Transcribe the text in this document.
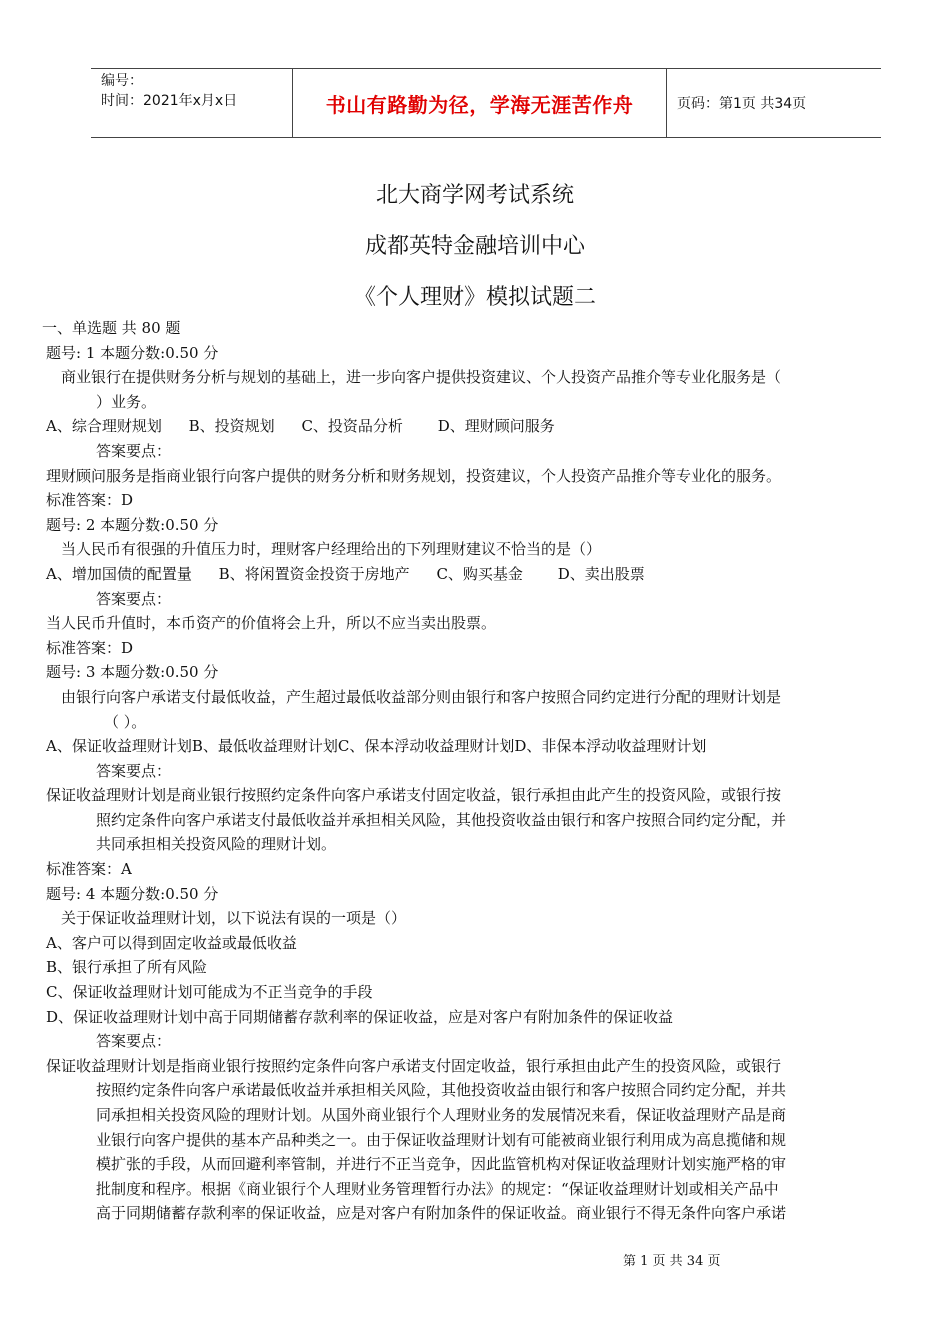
编号：
时间：2021年x月x日	书山有路勤为径，学海无涯苦作舟	页码：第1页 共34页
北大商学网考试系统
成都英特金融培训中心
《个人理财》模拟试题二
一、单选题 共 80 题
题号: 1 本题分数:0.50 分
商业银行在提供财务分析与规划的基础上，进一步向客户提供投资建议、个人投资产品推介等专业化服务是（
）业务。
A、综合理财规划 B、投资规划 C、投资品分析 D、理财顾问服务
答案要点：
理财顾问服务是指商业银行向客户提供的财务分析和财务规划，投资建议，个人投资产品推介等专业化的服务。
标准答案：D
题号: 2 本题分数:0.50 分
当人民币有很强的升值压力时，理财客户经理给出的下列理财建议不恰当的是（）
A、增加国债的配置量 B、将闲置资金投资于房地产 C、购买基金 D、卖出股票
答案要点：
当人民币升值时，本币资产的价值将会上升，所以不应当卖出股票。
标准答案：D
题号: 3 本题分数:0.50 分
由银行向客户承诺支付最低收益，产生超过最低收益部分则由银行和客户按照合同约定进行分配的理财计划是
（ ）。
A、保证收益理财计划B、最低收益理财计划C、保本浮动收益理财计划D、非保本浮动收益理财计划
答案要点：
保证收益理财计划是商业银行按照约定条件向客户承诺支付固定收益，银行承担由此产生的投资风险，或银行按
照约定条件向客户承诺支付最低收益并承担相关风险，其他投资收益由银行和客户按照合同约定分配，并
共同承担相关投资风险的理财计划。
标准答案：A
题号: 4 本题分数:0.50 分
关于保证收益理财计划，以下说法有误的一项是（）
A、客户可以得到固定收益或最低收益
B、银行承担了所有风险
C、保证收益理财计划可能成为不正当竞争的手段
D、保证收益理财计划中高于同期储蓄存款利率的保证收益，应是对客户有附加条件的保证收益
答案要点：
保证收益理财计划是指商业银行按照约定条件向客户承诺支付固定收益，银行承担由此产生的投资风险，或银行
按照约定条件向客户承诺最低收益并承担相关风险，其他投资收益由银行和客户按照合同约定分配，并共
同承担相关投资风险的理财计划。从国外商业银行个人理财业务的发展情况来看，保证收益理财产品是商
业银行向客户提供的基本产品种类之一。由于保证收益理财计划有可能被商业银行利用成为高息揽储和规
模扩张的手段，从而回避利率管制，并进行不正当竞争，因此监管机构对保证收益理财计划实施严格的审
批制度和程序。根据《商业银行个人理财业务管理暂行办法》的规定：“保证收益理财计划或相关产品中
高于同期储蓄存款利率的保证收益，应是对客户有附加条件的保证收益。商业银行不得无条件向客户承诺
第 1 页 共 34 页
